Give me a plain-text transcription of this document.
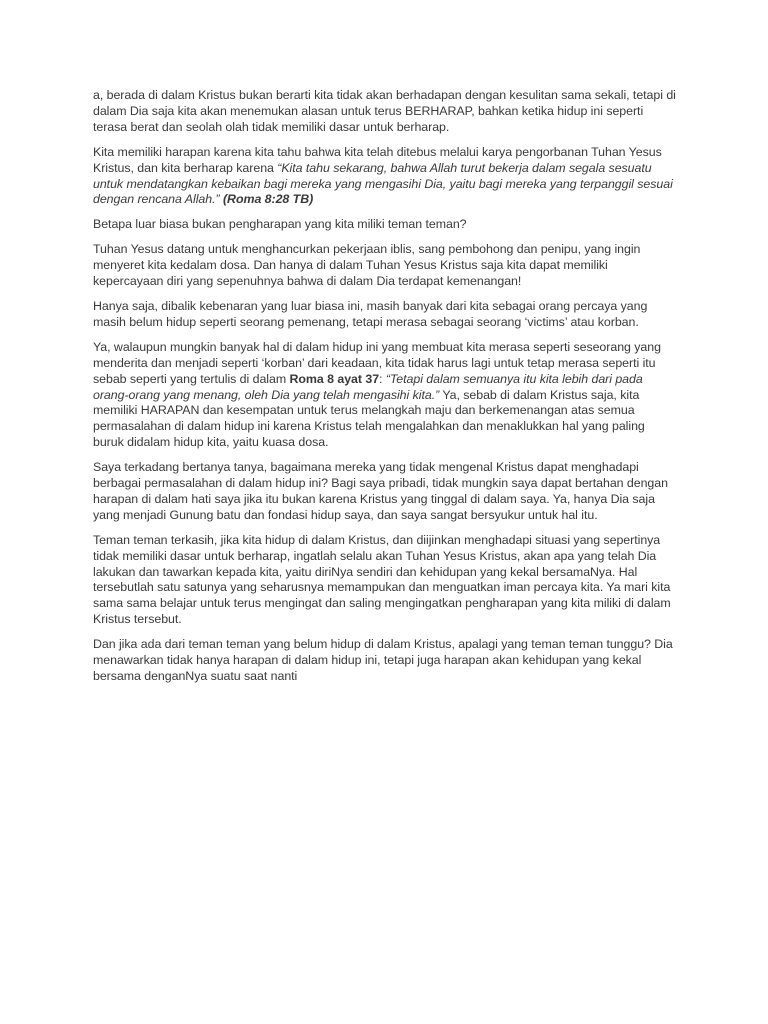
a, berada di dalam Kristus bukan berarti kita tidak akan berhadapan dengan kesulitan sama sekali, tetapi di dalam Dia saja kita akan menemukan alasan untuk terus BERHARAP, bahkan ketika hidup ini seperti terasa berat dan seolah olah tidak memiliki dasar untuk berharap.

Kita memiliki harapan karena kita tahu bahwa kita telah ditebus melalui karya pengorbanan Tuhan Yesus Kristus, dan kita berharap karena “Kita tahu sekarang, bahwa Allah turut bekerja dalam segala sesuatu untuk mendatangkan kebaikan bagi mereka yang mengasihi Dia, yaitu bagi mereka yang terpanggil sesuai dengan rencana Allah.” (Roma 8:28 TB)

Betapa luar biasa bukan pengharapan yang kita miliki teman teman?

Tuhan Yesus datang untuk menghancurkan pekerjaan iblis, sang pembohong dan penipu, yang ingin menyeret kita kedalam dosa. Dan hanya di dalam Tuhan Yesus Kristus saja kita dapat memiliki kepercayaan diri yang sepenuhnya bahwa di dalam Dia terdapat kemenangan!

Hanya saja, dibalik kebenaran yang luar biasa ini, masih banyak dari kita sebagai orang percaya yang masih belum hidup seperti seorang pemenang, tetapi merasa sebagai seorang ‘victims’ atau korban.

Ya, walaupun mungkin banyak hal di dalam hidup ini yang membuat kita merasa seperti seseorang yang menderita dan menjadi seperti ‘korban’ dari keadaan, kita tidak harus lagi untuk tetap merasa seperti itu sebab seperti yang tertulis di dalam Roma 8 ayat 37: “Tetapi dalam semuanya itu kita lebih dari pada orang-orang yang menang, oleh Dia yang telah mengasihi kita.” Ya, sebab di dalam Kristus saja, kita memiliki HARAPAN dan kesempatan untuk terus melangkah maju dan berkemenangan atas semua permasalahan di dalam hidup ini karena Kristus telah mengalahkan dan menaklukkan hal yang paling buruk didalam hidup kita, yaitu kuasa dosa.

Saya terkadang bertanya tanya, bagaimana mereka yang tidak mengenal Kristus dapat menghadapi berbagai permasalahan di dalam hidup ini? Bagi saya pribadi, tidak mungkin saya dapat bertahan dengan harapan di dalam hati saya jika itu bukan karena Kristus yang tinggal di dalam saya. Ya, hanya Dia saja yang menjadi Gunung batu dan fondasi hidup saya, dan saya sangat bersyukur untuk hal itu.

Teman teman terkasih, jika kita hidup di dalam Kristus, dan diijinkan menghadapi situasi yang sepertinya tidak memiliki dasar untuk berharap, ingatlah selalu akan Tuhan Yesus Kristus, akan apa yang telah Dia lakukan dan tawarkan kepada kita, yaitu diriNya sendiri dan kehidupan yang kekal bersamaNya. Hal tersebutlah satu satunya yang seharusnya memampukan dan menguatkan iman percaya kita. Ya mari kita sama sama belajar untuk terus mengingat dan saling mengingatkan pengharapan yang kita miliki di dalam Kristus tersebut.

Dan jika ada dari teman teman yang belum hidup di dalam Kristus, apalagi yang teman teman tunggu? Dia menawarkan tidak hanya harapan di dalam hidup ini, tetapi juga harapan akan kehidupan yang kekal bersama denganNya suatu saat nanti
